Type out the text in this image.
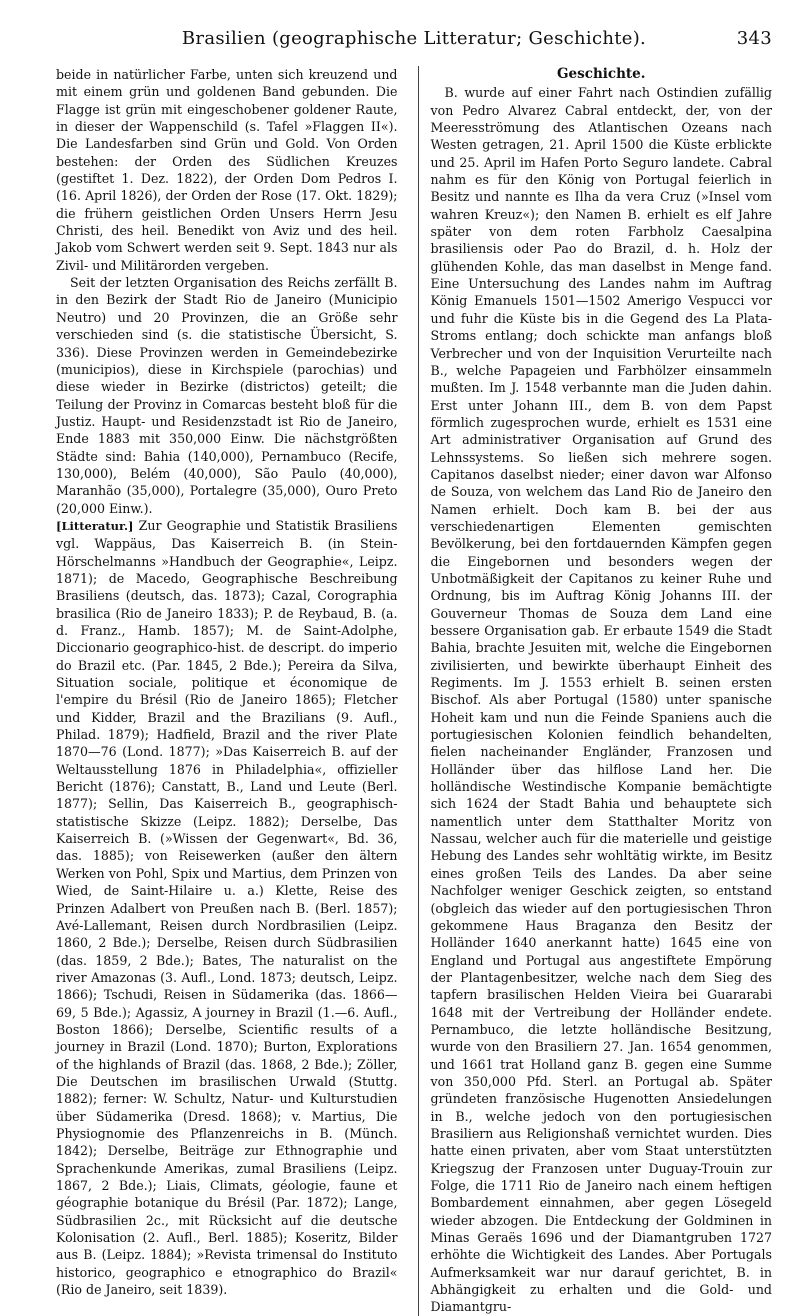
Brasilien (geographische Litteratur; Geschichte).	343

beide in natürlicher Farbe, unten sich kreuzend und mit einem grün und goldenen Band gebunden. Die Flagge ist grün mit eingeschobener goldener Raute, in dieser der Wappenschild (s. Tafel »Flaggen II«). Die Landesfarben sind Grün und Gold. Von Orden bestehen: der Orden des Südlichen Kreuzes (gestiftet 1. Dez. 1822), der Orden Dom Pedros I. (16. April 1826), der Orden der Rose (17. Okt. 1829); die frühern geistlichen Orden Unsers Herrn Jesu Christi, des heil. Benedikt von Aviz und des heil. Jakob vom Schwert werden seit 9. Sept. 1843 nur als Zivil- und Militärorden vergeben.

Seit der letzten Organisation des Reichs zerfällt B. in den Bezirk der Stadt Rio de Janeiro (Municipio Neutro) und 20 Provinzen, die an Größe sehr verschieden sind (s. die statistische Übersicht, S. 336). Diese Provinzen werden in Gemeindebezirke (municipios), diese in Kirchspiele (parochias) und diese wieder in Bezirke (districtos) geteilt; die Teilung der Provinz in Comarcas besteht bloß für die Justiz. Haupt- und Residenzstadt ist Rio de Janeiro, Ende 1883 mit 350,000 Einw. Die nächstgrößten Städte sind: Bahia (140,000), Pernambuco (Recife, 130,000), Belém (40,000), São Paulo (40,000), Maranhão (35,000), Portalegre (35,000), Ouro Preto (20,000 Einw.).

[Litteratur.] Zur Geographie und Statistik Brasiliens vgl. Wappäus, Das Kaiserreich B. (in Stein-Hörschelmanns »Handbuch der Geographie«, Leipz. 1871); de Macedo, Geographische Beschreibung Brasiliens (deutsch, das. 1873); Cazal, Corographia brasilica (Rio de Janeiro 1833); P. de Reybaud, B. (a. d. Franz., Hamb. 1857); M. de Saint-Adolphe, Diccionario geographico-hist. de descript. do imperio do Brazil etc. (Par. 1845, 2 Bde.); Pereira da Silva, Situation sociale, politique et économique de l'empire du Brésil (Rio de Janeiro 1865); Fletcher und Kidder, Brazil and the Brazilians (9. Aufl., Philad. 1879); Hadfield, Brazil and the river Plate 1870—76 (Lond. 1877); »Das Kaiserreich B. auf der Weltausstellung 1876 in Philadelphia«, offizieller Bericht (1876); Canstatt, B., Land und Leute (Berl. 1877); Sellin, Das Kaiserreich B., geographisch-statistische Skizze (Leipz. 1882); Derselbe, Das Kaiserreich B. (»Wissen der Gegenwart«, Bd. 36, das. 1885); von Reisewerken (außer den ältern Werken von Pohl, Spix und Martius, dem Prinzen von Wied, de Saint-Hilaire u. a.) Klette, Reise des Prinzen Adalbert von Preußen nach B. (Berl. 1857); Avé-Lallemant, Reisen durch Nordbrasilien (Leipz. 1860, 2 Bde.); Derselbe, Reisen durch Südbrasilien (das. 1859, 2 Bde.); Bates, The naturalist on the river Amazonas (3. Aufl., Lond. 1873; deutsch, Leipz. 1866); Tschudi, Reisen in Südamerika (das. 1866—69, 5 Bde.); Agassiz, A journey in Brazil (1.—6. Aufl., Boston 1866); Derselbe, Scientific results of a journey in Brazil (Lond. 1870); Burton, Explorations of the highlands of Brazil (das. 1868, 2 Bde.); Zöller, Die Deutschen im brasilischen Urwald (Stuttg. 1882); ferner: W. Schultz, Natur- und Kulturstudien über Südamerika (Dresd. 1868); v. Martius, Die Physiognomie des Pflanzenreichs in B. (Münch. 1842); Derselbe, Beiträge zur Ethnographie und Sprachenkunde Amerikas, zumal Brasiliens (Leipz. 1867, 2 Bde.); Liais, Climats, géologie, faune et géographie botanique du Brésil (Par. 1872); Lange, Südbrasilien 2c., mit Rücksicht auf die deutsche Kolonisation (2. Aufl., Berl. 1885); Koseritz, Bilder aus B. (Leipz. 1884); »Revista trimensal do Instituto historico, geographico e etnographico do Brazil« (Rio de Janeiro, seit 1839).

Geschichte.

B. wurde auf einer Fahrt nach Ostindien zufällig von Pedro Alvarez Cabral entdeckt, der, von der Meeresströmung des Atlantischen Ozeans nach Westen getragen, 21. April 1500 die Küste erblickte und 25. April im Hafen Porto Seguro landete. Cabral nahm es für den König von Portugal feierlich in Besitz und nannte es Ilha da vera Cruz (»Insel vom wahren Kreuz«); den Namen B. erhielt es elf Jahre später von dem roten Farbholz Caesalpina brasiliensis oder Pao do Brazil, d. h. Holz der glühenden Kohle, das man daselbst in Menge fand. Eine Untersuchung des Landes nahm im Auftrag König Emanuels 1501—1502 Amerigo Vespucci vor und fuhr die Küste bis in die Gegend des La Plata-Stroms entlang; doch schickte man anfangs bloß Verbrecher und von der Inquisition Verurteilte nach B., welche Papageien und Farbhölzer einsammeln mußten. Im J. 1548 verbannte man die Juden dahin. Erst unter Johann III., dem B. von dem Papst förmlich zugesprochen wurde, erhielt es 1531 eine Art administrativer Organisation auf Grund des Lehnssystems. So ließen sich mehrere sogen. Capitanos daselbst nieder; einer davon war Alfonso de Souza, von welchem das Land Rio de Janeiro den Namen erhielt. Doch kam B. bei der aus verschiedenartigen Elementen gemischten Bevölkerung, bei den fortdauernden Kämpfen gegen die Eingebornen und besonders wegen der Unbotmäßigkeit der Capitanos zu keiner Ruhe und Ordnung, bis im Auftrag König Johanns III. der Gouverneur Thomas de Souza dem Land eine bessere Organisation gab. Er erbaute 1549 die Stadt Bahia, brachte Jesuiten mit, welche die Eingebornen zivilisierten, und bewirkte überhaupt Einheit des Regiments. Im J. 1553 erhielt B. seinen ersten Bischof. Als aber Portugal (1580) unter spanische Hoheit kam und nun die Feinde Spaniens auch die portugiesischen Kolonien feindlich behandelten, fielen nacheinander Engländer, Franzosen und Holländer über das hilflose Land her. Die holländische Westindische Kompanie bemächtigte sich 1624 der Stadt Bahia und behauptete sich namentlich unter dem Statthalter Moritz von Nassau, welcher auch für die materielle und geistige Hebung des Landes sehr wohltätig wirkte, im Besitz eines großen Teils des Landes. Da aber seine Nachfolger weniger Geschick zeigten, so entstand (obgleich das wieder auf den portugiesischen Thron gekommene Haus Braganza den Besitz der Holländer 1640 anerkannt hatte) 1645 eine von England und Portugal aus angestiftete Empörung der Plantagenbesitzer, welche nach dem Sieg des tapfern brasilischen Helden Vieira bei Guararabi 1648 mit der Vertreibung der Holländer endete. Pernambuco, die letzte holländische Besitzung, wurde von den Brasiliern 27. Jan. 1654 genommen, und 1661 trat Holland ganz B. gegen eine Summe von 350,000 Pfd. Sterl. an Portugal ab. Später gründeten französische Hugenotten Ansiedelungen in B., welche jedoch von den portugiesischen Brasiliern aus Religionshaß vernichtet wurden. Dies hatte einen privaten, aber vom Staat unterstützten Kriegszug der Franzosen unter Duguay-Trouin zur Folge, die 1711 Rio de Janeiro nach einem heftigen Bombardement einnahmen, aber gegen Lösegeld wieder abzogen. Die Entdeckung der Goldminen in Minas Geraës 1696 und der Diamantgruben 1727 erhöhte die Wichtigkeit des Landes. Aber Portugals Aufmerksamkeit war nur darauf gerichtet, B. in Abhängigkeit zu erhalten und die Gold- und Diamantgru-
